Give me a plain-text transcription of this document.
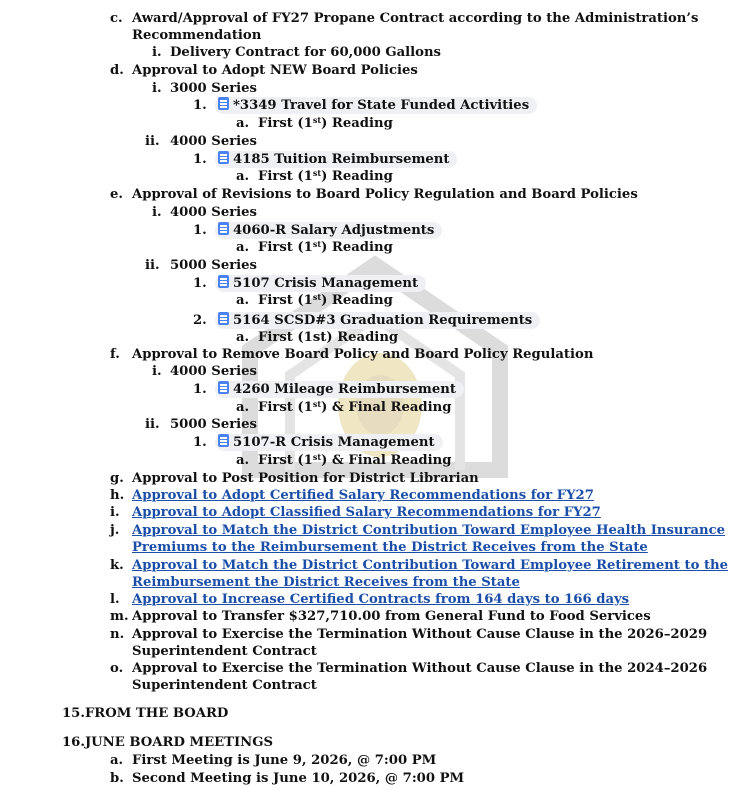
c. Award/Approval of FY27 Propane Contract according to the Administration’s
Recommendation
i. Delivery Contract for 60,000 Gallons
d. Approval to Adopt NEW Board Policies
i. 3000 Series
1.	*3349 Travel for State Funded Activities
a. First (1st) Reading
ii. 4000 Series
1.	4185 Tuition Reimbursement
a. First (1st) Reading
e. Approval of Revisions to Board Policy Regulation and Board Policies
i. 4000 Series
1.	4060-R Salary Adjustments
a. First (1st) Reading
ii. 5000 Series
1.	5107 Crisis Management
a. First (1st) Reading
2.	5164 SCSD#3 Graduation Requirements
a. First (1st) Reading
f. Approval to Remove Board Policy and Board Policy Regulation
i. 4000 Series
1.	4260 Mileage Reimbursement
a. First (1st) & Final Reading
ii. 5000 Series
1.	5107-R Crisis Management
a. First (1st) & Final Reading
g. Approval to Post Position for District Librarian
h. Approval to Adopt Certified Salary Recommendations for FY27
i. Approval to Adopt Classified Salary Recommendations for FY27
j. Approval to Match the District Contribution Toward Employee Health Insurance
Premiums to the Reimbursement the District Receives from the State
k. Approval to Match the District Contribution Toward Employee Retirement to the
Reimbursement the District Receives from the State
l. Approval to Increase Certified Contracts from 164 days to 166 days
m. Approval to Transfer $327,710.00 from General Fund to Food Services
n. Approval to Exercise the Termination Without Cause Clause in the 2026–2029
Superintendent Contract
o. Approval to Exercise the Termination Without Cause Clause in the 2024–2026
Superintendent Contract
15.FROM THE BOARD
16.JUNE BOARD MEETINGS
a. First Meeting is June 9, 2026, @ 7:00 PM
b. Second Meeting is June 10, 2026, @ 7:00 PM
